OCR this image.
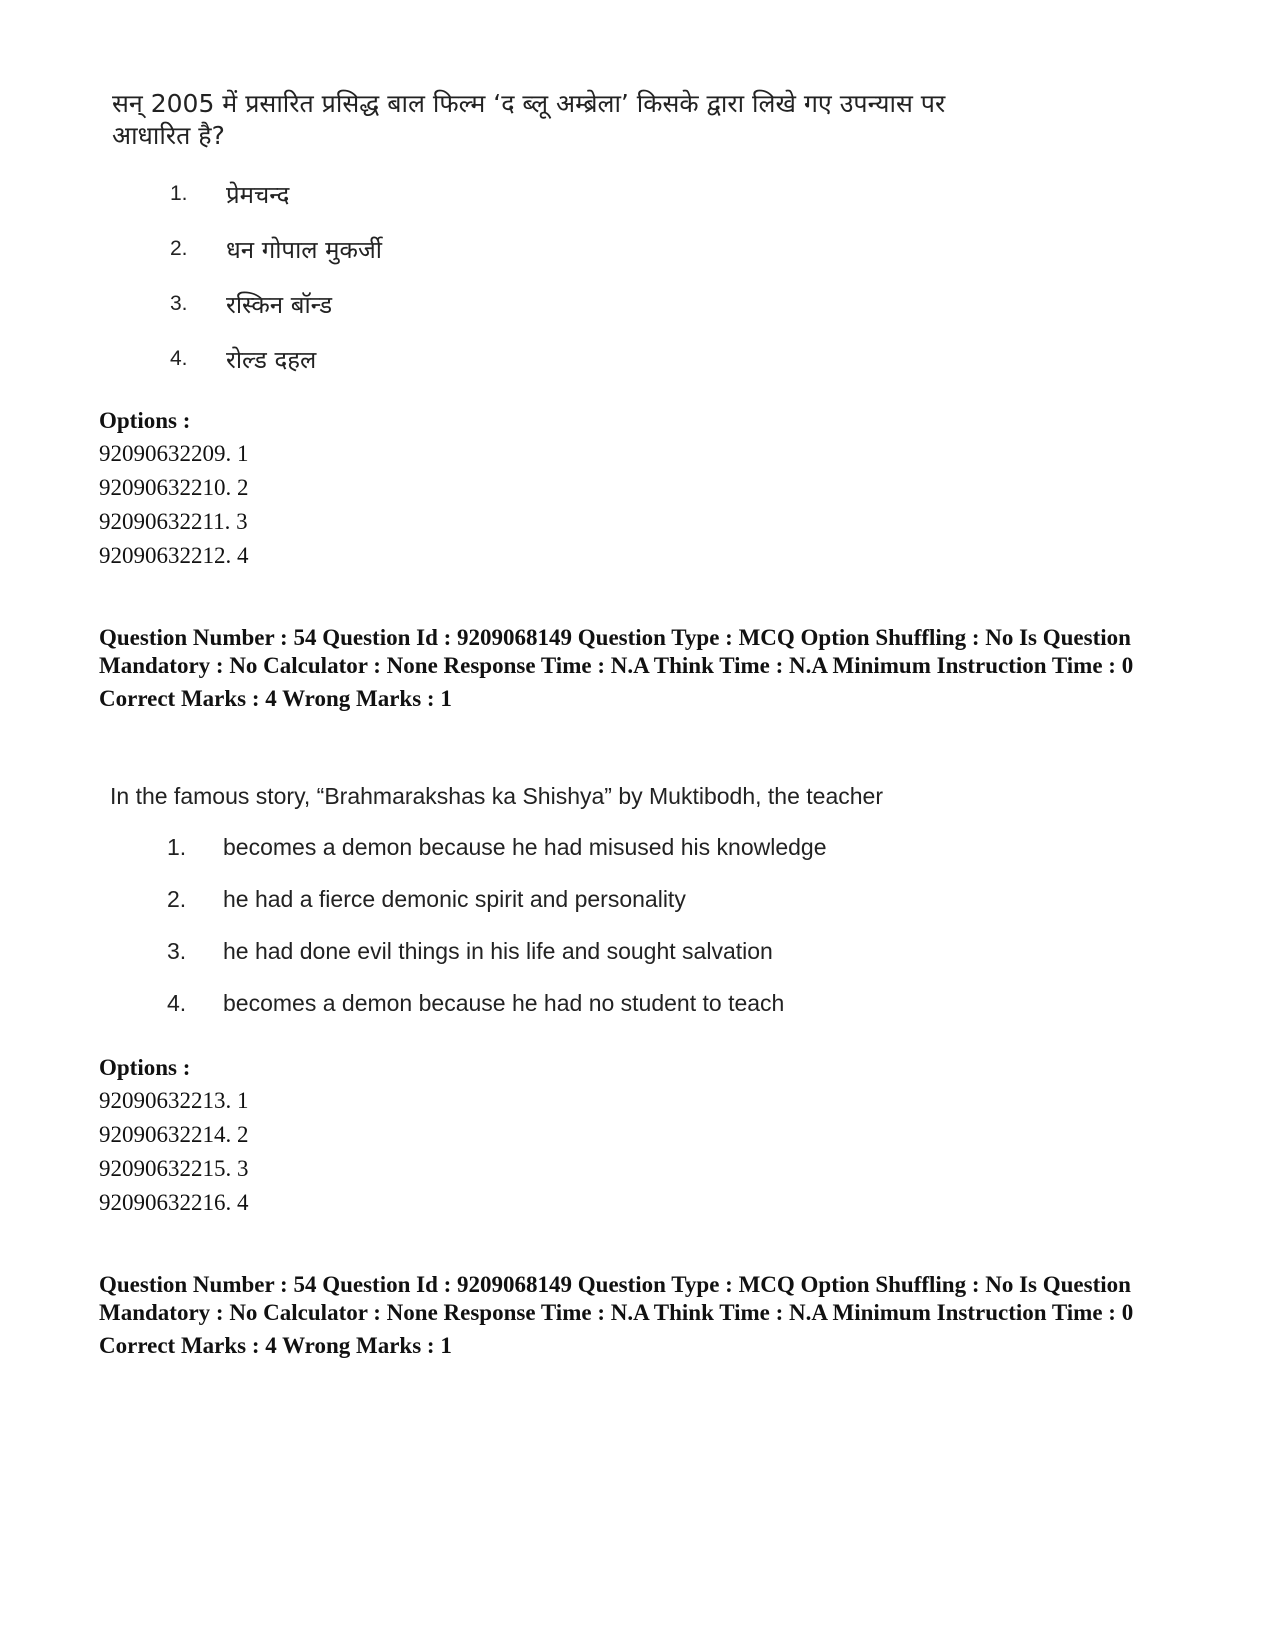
सन् 2005 में प्रसारित प्रसिद्ध बाल फिल्म ‘द ब्लू अम्ब्रेला’ किसके द्वारा लिखे गए उपन्यास पर आधारित है?
1. प्रेमचन्द
2. धन गोपाल मुकर्जी
3. रस्किन बॉन्ड
4. रोल्ड दहल
Options :
92090632209. 1
92090632210. 2
92090632211. 3
92090632212. 4
Question Number : 54 Question Id : 9209068149 Question Type : MCQ Option Shuffling : No Is Question Mandatory : No Calculator : None Response Time : N.A Think Time : N.A Minimum Instruction Time : 0
Correct Marks : 4 Wrong Marks : 1
In the famous story, “Brahmarakshas ka Shishya” by Muktibodh, the teacher
1. becomes a demon because he had misused his knowledge
2. he had a fierce demonic spirit and personality
3. he had done evil things in his life and sought salvation
4. becomes a demon because he had no student to teach
Options :
92090632213. 1
92090632214. 2
92090632215. 3
92090632216. 4
Question Number : 54 Question Id : 9209068149 Question Type : MCQ Option Shuffling : No Is Question Mandatory : No Calculator : None Response Time : N.A Think Time : N.A Minimum Instruction Time : 0
Correct Marks : 4 Wrong Marks : 1
